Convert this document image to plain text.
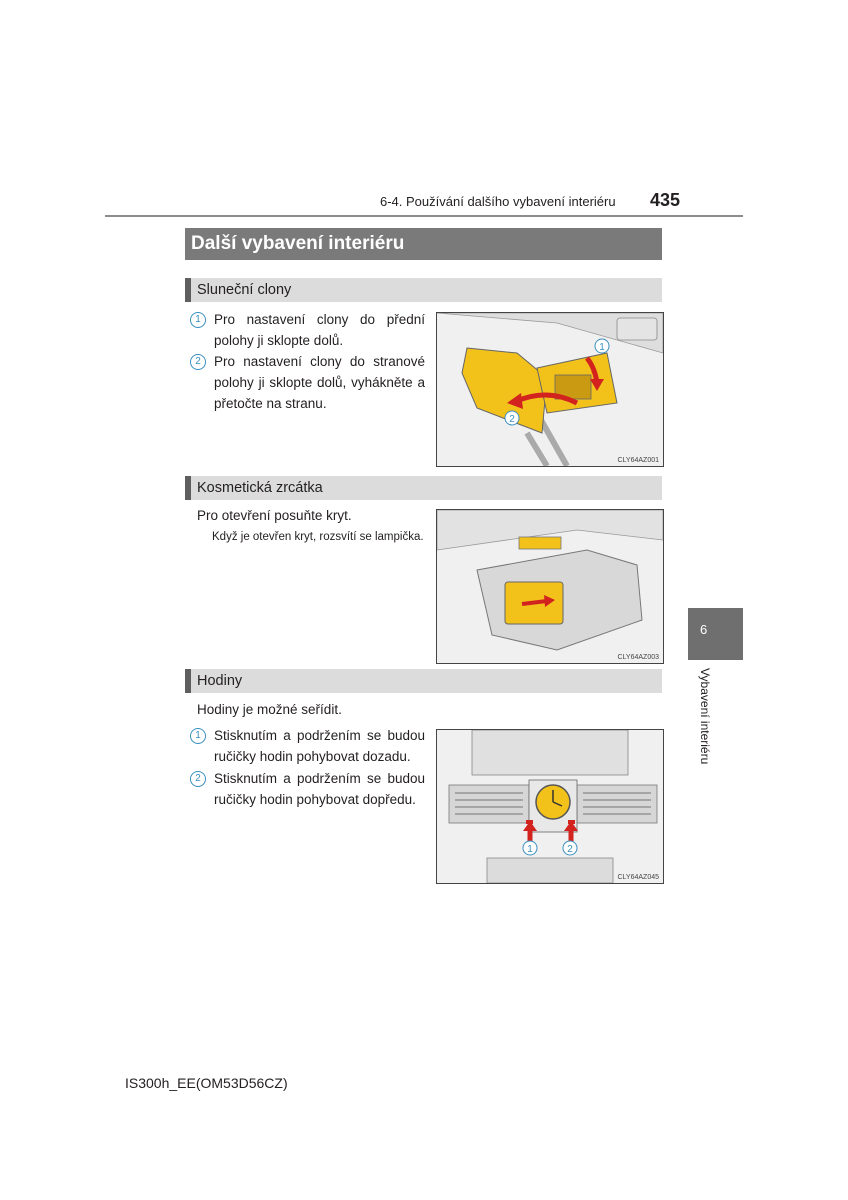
6-4. Používání dalšího vybavení interiéru 435
Další vybavení interiéru
Sluneční clony
1 Pro nastavení clony do přední polohy ji sklopte dolů.
2 Pro nastavení clony do stranové polohy ji sklopte dolů, vyhákněte a přetočte na stranu.
1
2
CLY64AZ001
Kosmetická zrcátka
Pro otevření posuňte kryt.
Když je otevřen kryt, rozsvítí se lampička.
CLY64AZ003
Hodiny
Hodiny je možné seřídit.
1 Stisknutím a podržením se budou ručičky hodin pohybovat dozadu.
2 Stisknutím a podržením se budou ručičky hodin pohybovat dopředu.
1	2
CLY64AZ045
6
Vybavení interiéru
IS300h_EE(OM53D56CZ)
